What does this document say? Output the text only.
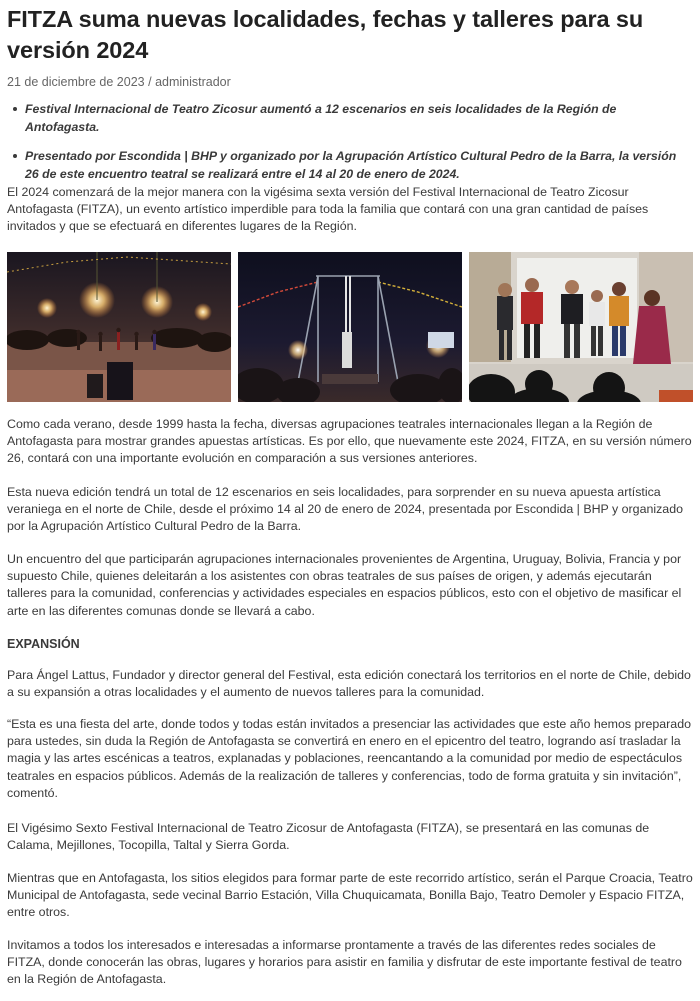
FITZA suma nuevas localidades, fechas y talleres para su versión 2024
21 de diciembre de 2023 / administrador
Festival Internacional de Teatro Zicosur aumentó a 12 escenarios en seis localidades de la Región de Antofagasta.
Presentado por Escondida | BHP y organizado por la Agrupación Artístico Cultural Pedro de la Barra, la versión 26 de este encuentro teatral se realizará entre el 14 al 20 de enero de 2024.

El 2024 comenzará de la mejor manera con la vigésima sexta versión del Festival Internacional de Teatro Zicosur Antofagasta (FITZA), un evento artístico imperdible para toda la familia que contará con una gran cantidad de países invitados y que se efectuará en diferentes lugares de la Región.

Como cada verano, desde 1999 hasta la fecha, diversas agrupaciones teatrales internacionales llegan a la Región de Antofagasta para mostrar grandes apuestas artísticas. Es por ello, que nuevamente este 2024, FITZA, en su versión número 26, contará con una importante evolución en comparación a sus versiones anteriores.

Esta nueva edición tendrá un total de 12 escenarios en seis localidades, para sorprender en su nueva apuesta artística veraniega en el norte de Chile, desde el próximo 14 al 20 de enero de 2024, presentada por Escondida | BHP y organizado por la Agrupación Artístico Cultural Pedro de la Barra.

Un encuentro del que participarán agrupaciones internacionales provenientes de Argentina, Uruguay, Bolivia, Francia y por supuesto Chile, quienes deleitarán a los asistentes con obras teatrales de sus países de origen, y además ejecutarán talleres para la comunidad, conferencias y actividades especiales en espacios públicos, esto con el objetivo de masificar el arte en las diferentes comunas donde se llevará a cabo.

EXPANSIÓN

Para Ángel Lattus, Fundador y director general del Festival, esta edición conectará los territorios en el norte de Chile, debido a su expansión a otras localidades y el aumento de nuevos talleres para la comunidad.

“Esta es una fiesta del arte, donde todos y todas están invitados a presenciar las actividades que este año hemos preparado para ustedes, sin duda la Región de Antofagasta se convertirá en enero en el epicentro del teatro, logrando así trasladar la magia y las artes escénicas a teatros, explanadas y poblaciones, reencantando a la comunidad por medio de espectáculos teatrales en espacios públicos. Además de la realización de talleres y conferencias, todo de forma gratuita y sin invitación”, comentó.

El Vigésimo Sexto Festival Internacional de Teatro Zicosur de Antofagasta (FITZA), se presentará en las comunas de Calama, Mejillones, Tocopilla, Taltal y Sierra Gorda.

Mientras que en Antofagasta, los sitios elegidos para formar parte de este recorrido artístico, serán el Parque Croacia, Teatro Municipal de Antofagasta, sede vecinal Barrio Estación, Villa Chuquicamata, Bonilla Bajo, Teatro Demoler y Espacio FITZA, entre otros.

Invitamos a todos los interesados e interesadas a informarse prontamente a través de las diferentes redes sociales de FITZA, donde conocerán las obras, lugares y horarios para asistir en familia y disfrutar de este importante festival de teatro en la Región de Antofagasta.
